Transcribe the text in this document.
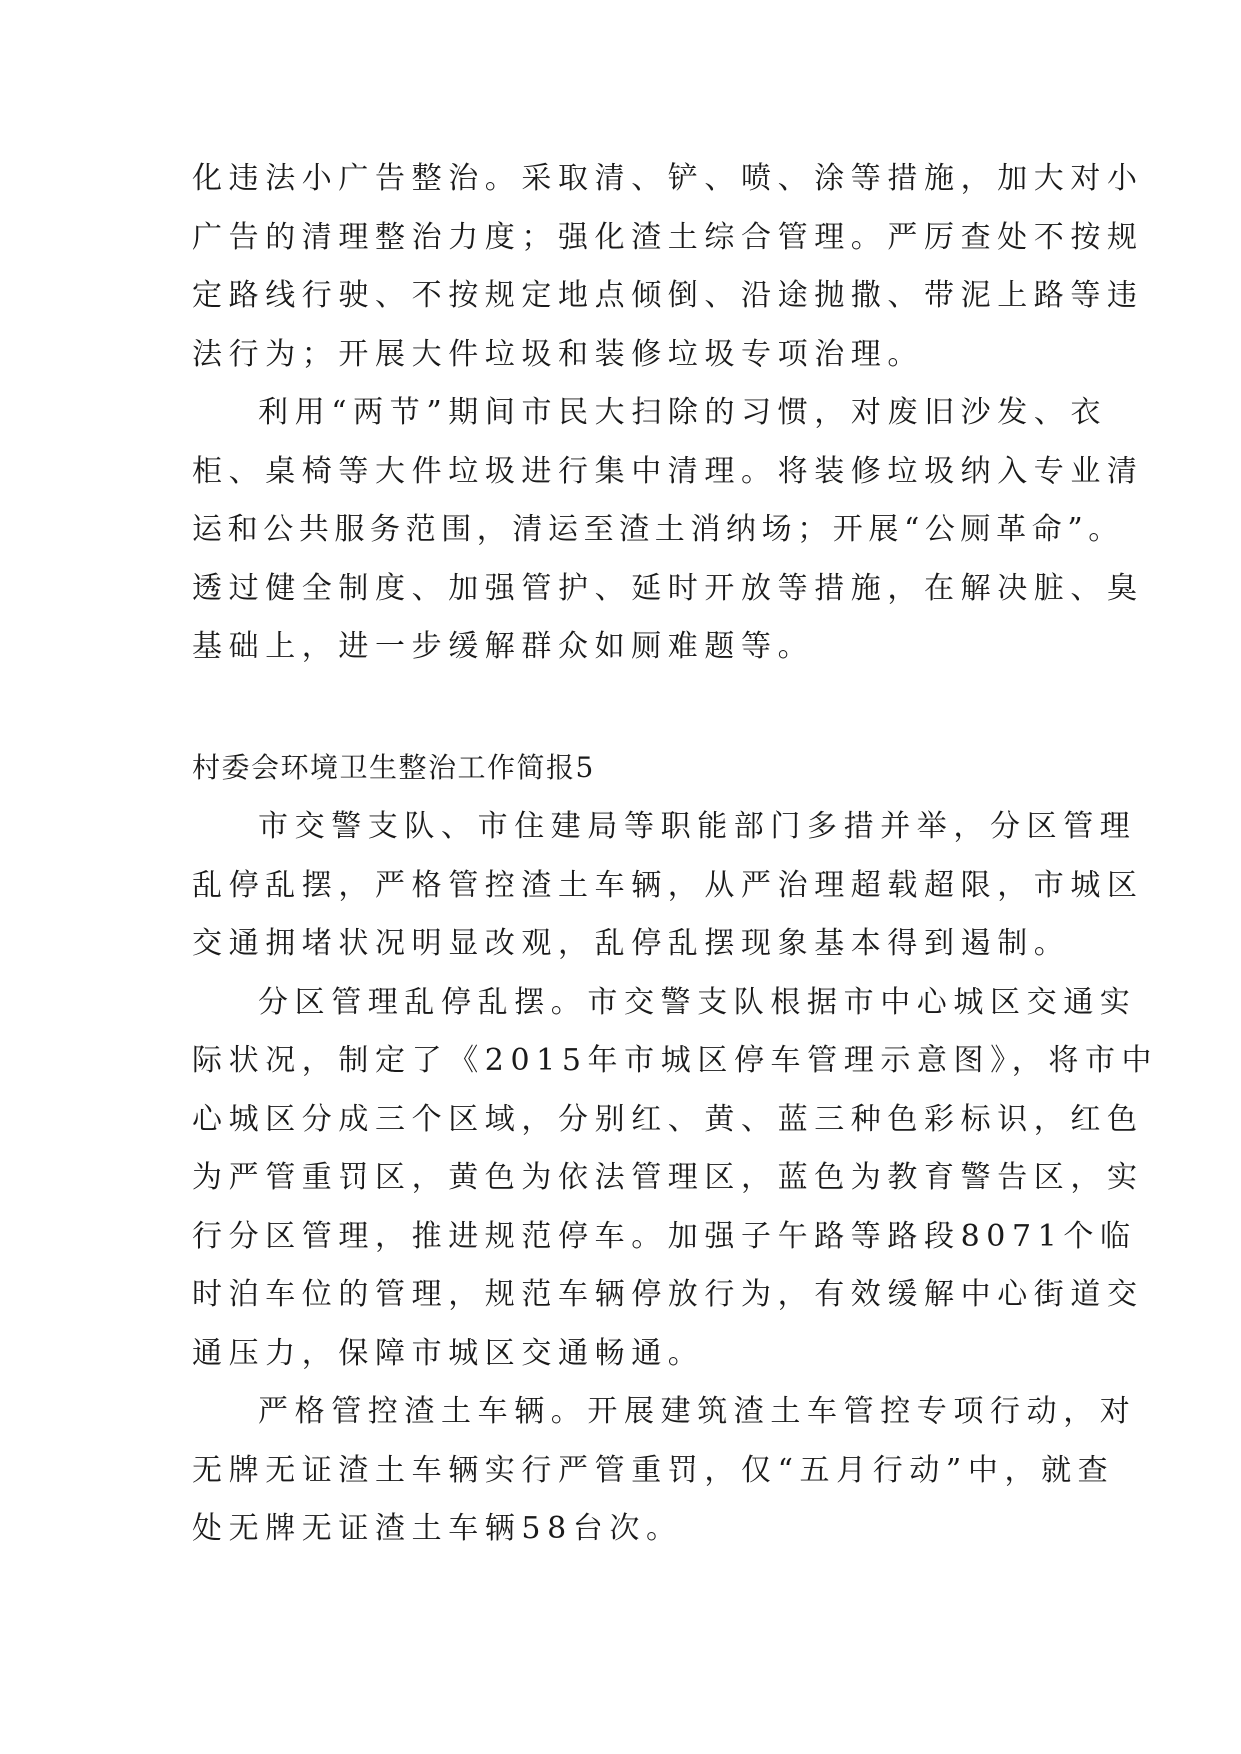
化违法小广告整治。采取清、铲、喷、涂等措施，加大对小
广告的清理整治力度；强化渣土综合管理。严厉查处不按规
定路线行驶、不按规定地点倾倒、沿途抛撒、带泥上路等违
法行为；开展大件垃圾和装修垃圾专项治理。
利用“两节”期间市民大扫除的习惯，对废旧沙发、衣
柜、桌椅等大件垃圾进行集中清理。将装修垃圾纳入专业清
运和公共服务范围，清运至渣土消纳场；开展“公厕革命”。
透过健全制度、加强管护、延时开放等措施，在解决脏、臭
基础上，进一步缓解群众如厕难题等。
村委会环境卫生整治工作简报5
市交警支队、市住建局等职能部门多措并举，分区管理
乱停乱摆，严格管控渣土车辆，从严治理超载超限，市城区
交通拥堵状况明显改观，乱停乱摆现象基本得到遏制。
分区管理乱停乱摆。市交警支队根据市中心城区交通实
际状况，制定了《2015年市城区停车管理示意图》，将市中
心城区分成三个区域，分别红、黄、蓝三种色彩标识，红色
为严管重罚区，黄色为依法管理区，蓝色为教育警告区，实
行分区管理，推进规范停车。加强子午路等路段8071个临
时泊车位的管理，规范车辆停放行为，有效缓解中心街道交
通压力，保障市城区交通畅通。
严格管控渣土车辆。开展建筑渣土车管控专项行动，对
无牌无证渣土车辆实行严管重罚，仅“五月行动”中，就查
处无牌无证渣土车辆58台次。
